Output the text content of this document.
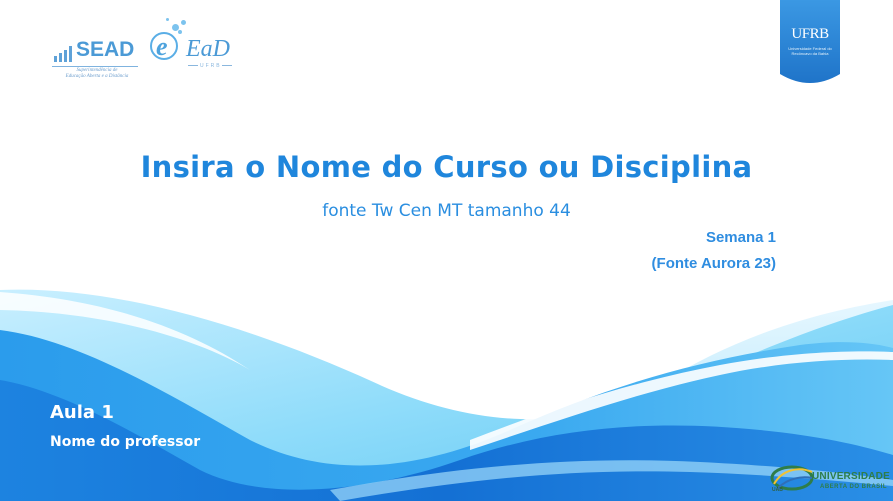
SEAD
Superintendência de
Educação Aberta e a Distância
e EaD
UFRB
UFRB
Universidade Federal do
Recôncavo da Bahia
Insira o Nome do Curso ou Disciplina
fonte Tw Cen MT tamanho 44
Semana 1
(Fonte Aurora 23)
Aula 1
Nome do professor
UAB
UNIVERSIDADE
ABERTA DO BRASIL
